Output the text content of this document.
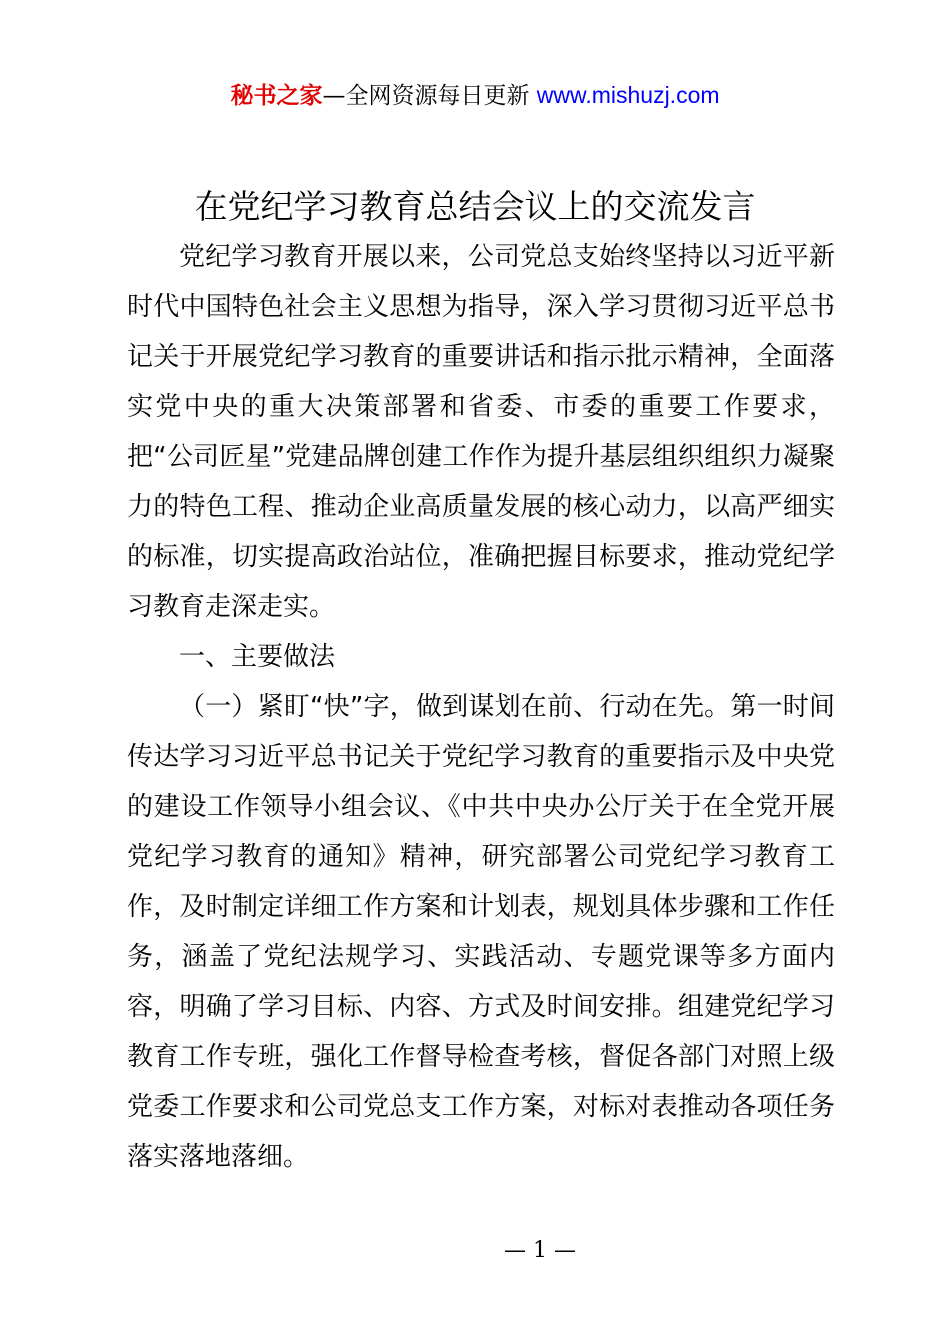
秘书之家—全网资源每日更新 www.mishuzj.com
在党纪学习教育总结会议上的交流发言

党纪学习教育开展以来，公司党总支始终坚持以习近平新时代中国特色社会主义思想为指导，深入学习贯彻习近平总书记关于开展党纪学习教育的重要讲话和指示批示精神，全面落实党中央的重大决策部署和省委、市委的重要工作要求，把“公司匠星”党建品牌创建工作作为提升基层组织组织力凝聚力的特色工程、推动企业高质量发展的核心动力，以高严细实的标准，切实提高政治站位，准确把握目标要求，推动党纪学习教育走深走实。

一、主要做法

（一）紧盯“快”字，做到谋划在前、行动在先。第一时间传达学习习近平总书记关于党纪学习教育的重要指示及中央党的建设工作领导小组会议、《中共中央办公厅关于在全党开展党纪学习教育的通知》精神，研究部署公司党纪学习教育工作，及时制定详细工作方案和计划表，规划具体步骤和工作任务，涵盖了党纪法规学习、实践活动、专题党课等多方面内容，明确了学习目标、内容、方式及时间安排。组建党纪学习教育工作专班，强化工作督导检查考核，督促各部门对照上级党委工作要求和公司党总支工作方案，对标对表推动各项任务落实落地落细。

— 1 —
